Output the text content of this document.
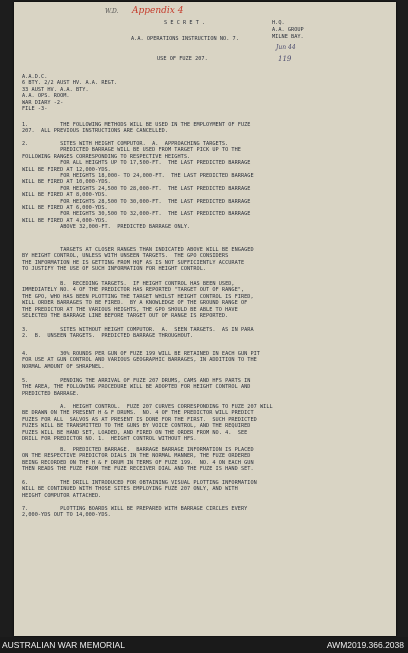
W.D. Appendix 4
S E C R E T .	H.Q.
A.A. GROUP
MILNE BAY.
A.A. OPERATIONS INSTRUCTION NO. 7.
Jun 44
USE OF FUZE 207.	119
A.A.D.C.
6 BTY. 2/2 AUST HV. A.A. REGT.
33 AUST HV. A.A. BTY.
A.A. OPS. ROOM.
WAR DIARY -2-
FILE -3-
1.          THE FOLLOWING METHODS WILL BE USED IN THE EMPLOYMENT OF FUZE
207.  ALL PREVIOUS INSTRUCTIONS ARE CANCELLED.
2.          SITES WITH HEIGHT COMPUTOR.  A.  APPROACHING TARGETS.
PREDICTED BARRAGE WILL BE USED FROM TARGET PICK UP TO THE
FOLLOWING RANGES CORRESPONDING TO RESPECTIVE HEIGHTS.
FOR ALL HEIGHTS UP TO 17,500-FT.  THE LAST PREDICTED BARRAGE
WILL BE FIRED AT 12,000-YDS.
FOR HEIGHTS 18,000- TO 24,000-FT.  THE LAST PREDICTED BARRAGE
WILL BE FIRED AT 10,000-YDS.
FOR HEIGHTS 24,500 TO 28,000-FT.  THE LAST PREDICTED BARRAGE
WILL BE FIRED AT 8,000-YDS.
FOR HEIGHTS 28,500 TO 30,000-FT.  THE LAST PREDICTED BARRAGE
WILL BE FIRED AT 6,000-YDS.
FOR HEIGHTS 30,500 TO 32,000-FT.  THE LAST PREDICTED BARRAGE
WILL BE FIRED AT 4,000-YDS.
ABOVE 32,000-FT.  PREDICTED BARRAGE ONLY.
TARGETS AT CLOSER RANGES THAN INDICATED ABOVE WILL BE ENGAGED
BY HEIGHT CONTROL, UNLESS WITH UNSEEN TARGETS.  THE GPO CONSIDERS
THE INFORMATION HE IS GETTING FROM HQF AS IS NOT SUFFICIENTLY ACCURATE
TO JUSTIFY THE USE OF SUCH INFORMATION FOR HEIGHT CONTROL.
B.  RECEDING TARGETS.  IF HEIGHT CONTROL HAS BEEN USED,
IMMEDIATELY NO. 4 OF THE PREDICTOR HAS REPORTED "TARGET OUT OF RANGE",
THE GPO, WHO HAS BEEN PLOTTING THE TARGET WHILST HEIGHT CONTROL IS FIRED,
WILL ORDER BARRAGES TO BE FIRED.  BY A KNOWLEDGE OF THE GROUND RANGE OF
THE PREDICTOR AT THE VARIOUS HEIGHTS, THE GPO SHOULD BE ABLE TO HAVE
SELECTED THE BARRAGE LINE BEFORE TARGET OUT OF RANGE IS REPORTED.
3.          SITES WITHOUT HEIGHT COMPUTOR.  A.  SEEN TARGETS.  AS IN PARA
2.  B.  UNSEEN TARGETS.  PREDICTED BARRAGE THROUGHOUT.
4.          30% ROUNDS PER GUN OF FUZE 199 WILL BE RETAINED IN EACH GUN PIT
FOR USE AT GUN CONTROL AND VARIOUS GEOGRAPHIC BARRAGES, IN ADDITION TO THE
NORMAL AMOUNT OF SHRAPNEL.
5.          PENDING THE ARRIVAL OF FUZE 207 DRUMS, CAMS AND HFS PARTS IN
THE AREA, THE FOLLOWING PROCEDURE WILL BE ADOPTED FOR HEIGHT CONTROL AND
PREDICTED BARRAGE.
A.  HEIGHT CONTROL.  FUZE 207 CURVES CORRESPONDING TO FUZE 207 WILL
BE DRAWN ON THE PRESENT H & F DRUMS.  NO. 4 OF THE PREDICTOR WILL PREDICT
FUZES FOR ALL  SALVOS AS AT PRESENT IS DONE FOR THE FIRST.  SUCH PREDICTED
FUZES WILL BE TRANSMITTED TO THE GUNS BY VOICE CONTROL, AND THE REQUIRED
FUZES WILL BE HAND SET, LOADED, AND FIRED ON THE ORDER FROM NO. 4.  SEE
DRILL FOR PREDICTOR NO. 1.  HEIGHT CONTROL WITHOUT HFS.
B.  PREDICTED BARRAGE.  BARRAGE BARRAGE INFORMATION IS PLACED
ON THE RESPECTIVE PREDICTOR DIALS IN THE NORMAL MANNER, THE FUZE ORDERED
BEING RECORDED ON THE H & F DRUM IN TERMS OF FUZE 199.  NO. 4 ON EACH GUN
THEN READS THE FUZE FROM THE FUZE RECEIVER DIAL AND THE FUZE IS HAND SET.
6.          THE DRILL INTRODUCED FOR OBTAINING VISUAL PLOTTING INFORMATION
WILL BE CONTINUED WITH THOSE SITES EMPLOYING FUZE 207 ONLY, AND WITH
HEIGHT COMPUTOR ATTACHED.
7.          PLOTTING BOARDS WILL BE PREPARED WITH BARRAGE CIRCLES EVERY
2,000-YDS OUT TO 14,000-YDS.
AUSTRALIAN WAR MEMORIAL	AWM2019.366.2038
